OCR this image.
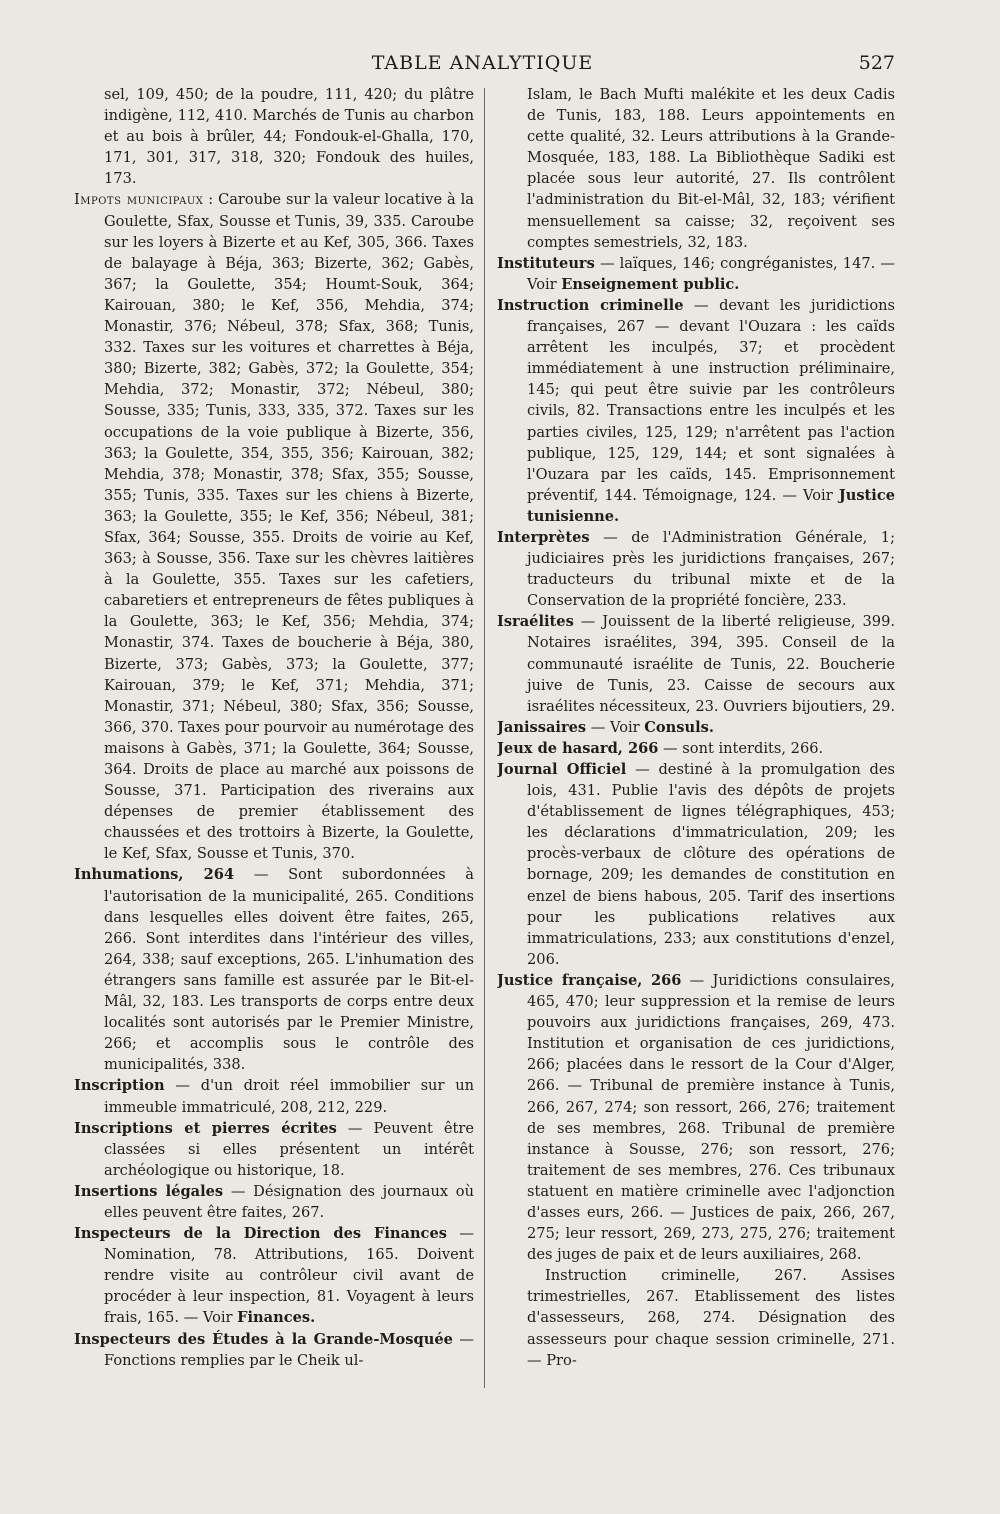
TABLE ANALYTIQUE	527

sel, 109, 450; de la poudre, 111, 420; du plâtre indigène, 112, 410. Marchés de Tunis au charbon et au bois à brûler, 44; Fondouk-el-Ghalla, 170, 171, 301, 317, 318, 320; Fondouk des huiles, 173.

Impots municipaux : Caroube sur la valeur locative à la Goulette, Sfax, Sousse et Tunis, 39, 335. Caroube sur les loyers à Bizerte et au Kef, 305, 366. Taxes de balayage à Béja, 363; Bizerte, 362; Gabès, 367; la Goulette, 354; Houmt-Souk, 364; Kairouan, 380; le Kef, 356, Mehdia, 374; Monastir, 376; Nébeul, 378; Sfax, 368; Tunis, 332. Taxes sur les voitures et charrettes à Béja, 380; Bizerte, 382; Gabès, 372; la Goulette, 354; Mehdia, 372; Monastir, 372; Nébeul, 380; Sousse, 335; Tunis, 333, 335, 372. Taxes sur les occupations de la voie publique à Bizerte, 356, 363; la Goulette, 354, 355, 356; Kairouan, 382; Mehdia, 378; Monastir, 378; Sfax, 355; Sousse, 355; Tunis, 335. Taxes sur les chiens à Bizerte, 363; la Goulette, 355; le Kef, 356; Nébeul, 381; Sfax, 364; Sousse, 355. Droits de voirie au Kef, 363; à Sousse, 356. Taxe sur les chèvres laitières à la Goulette, 355. Taxes sur les cafetiers, cabaretiers et entrepreneurs de fêtes publiques à la Goulette, 363; le Kef, 356; Mehdia, 374; Monastir, 374. Taxes de boucherie à Béja, 380, Bizerte, 373; Gabès, 373; la Goulette, 377; Kairouan, 379; le Kef, 371; Mehdia, 371; Monastir, 371; Nébeul, 380; Sfax, 356; Sousse, 366, 370. Taxes pour pourvoir au numérotage des maisons à Gabès, 371; la Goulette, 364; Sousse, 364. Droits de place au marché aux poissons de Sousse, 371. Participation des riverains aux dépenses de premier établissement des chaussées et des trottoirs à Bizerte, la Goulette, le Kef, Sfax, Sousse et Tunis, 370.

Inhumations, 264 — Sont subordonnées à l'autorisation de la municipalité, 265. Conditions dans lesquelles elles doivent être faites, 265, 266. Sont interdites dans l'intérieur des villes, 264, 338; sauf exceptions, 265. L'inhumation des étrangers sans famille est assurée par le Bit-el-Mâl, 32, 183. Les transports de corps entre deux localités sont autorisés par le Premier Ministre, 266; et accomplis sous le contrôle des municipalités, 338.

Inscription — d'un droit réel immobilier sur un immeuble immatriculé, 208, 212, 229.

Inscriptions et pierres écrites — Peuvent être classées si elles présentent un intérêt archéologique ou historique, 18.

Insertions légales — Désignation des journaux où elles peuvent être faites, 267.

Inspecteurs de la Direction des Finances — Nomination, 78. Attributions, 165. Doivent rendre visite au contrôleur civil avant de procéder à leur inspection, 81. Voyagent à leurs frais, 165. — Voir Finances.

Inspecteurs des Études à la Grande-Mosquée — Fonctions remplies par le Cheik ul-

Islam, le Bach Mufti malékite et les deux Cadis de Tunis, 183, 188. Leurs appointements en cette qualité, 32. Leurs attributions à la Grande-Mosquée, 183, 188. La Bibliothèque Sadiki est placée sous leur autorité, 27. Ils contrôlent l'administration du Bit-el-Mâl, 32, 183; vérifient mensuellement sa caisse; 32, reçoivent ses comptes semestriels, 32, 183.

Instituteurs — laïques, 146; congréganistes, 147. — Voir Enseignement public.

Instruction criminelle — devant les juridictions françaises, 267 — devant l'Ouzara : les caïds arrêtent les inculpés, 37; et procèdent immédiatement à une instruction préliminaire, 145; qui peut être suivie par les contrôleurs civils, 82. Transactions entre les inculpés et les parties civiles, 125, 129; n'arrêtent pas l'action publique, 125, 129, 144; et sont signalées à l'Ouzara par les caïds, 145. Emprisonnement préventif, 144. Témoignage, 124. — Voir Justice tunisienne.

Interprètes — de l'Administration Générale, 1; judiciaires près les juridictions françaises, 267; traducteurs du tribunal mixte et de la Conservation de la propriété foncière, 233.

Israélites — Jouissent de la liberté religieuse, 399. Notaires israélites, 394, 395. Conseil de la communauté israélite de Tunis, 22. Boucherie juive de Tunis, 23. Caisse de secours aux israélites nécessiteux, 23. Ouvriers bijoutiers, 29.

Janissaires — Voir Consuls.

Jeux de hasard, 266 — sont interdits, 266.

Journal Officiel — destiné à la promulgation des lois, 431. Publie l'avis des dépôts de projets d'établissement de lignes télégraphiques, 453; les déclarations d'immatriculation, 209; les procès-verbaux de clôture des opérations de bornage, 209; les demandes de constitution en enzel de biens habous, 205. Tarif des insertions pour les publications relatives aux immatriculations, 233; aux constitutions d'enzel, 206.

Justice française, 266 — Juridictions consulaires, 465, 470; leur suppression et la remise de leurs pouvoirs aux juridictions françaises, 269, 473. Institution et organisation de ces juridictions, 266; placées dans le ressort de la Cour d'Alger, 266. — Tribunal de première instance à Tunis, 266, 267, 274; son ressort, 266, 276; traitement de ses membres, 268. Tribunal de première instance à Sousse, 276; son ressort, 276; traitement de ses membres, 276. Ces tribunaux statuent en matière criminelle avec l'adjonction d'asses eurs, 266. — Justices de paix, 266, 267, 275; leur ressort, 269, 273, 275, 276; traitement des juges de paix et de leurs auxiliaires, 268.

Instruction criminelle, 267. Assises trimestrielles, 267. Etablissement des listes d'assesseurs, 268, 274. Désignation des assesseurs pour chaque session criminelle, 271. — Pro-
